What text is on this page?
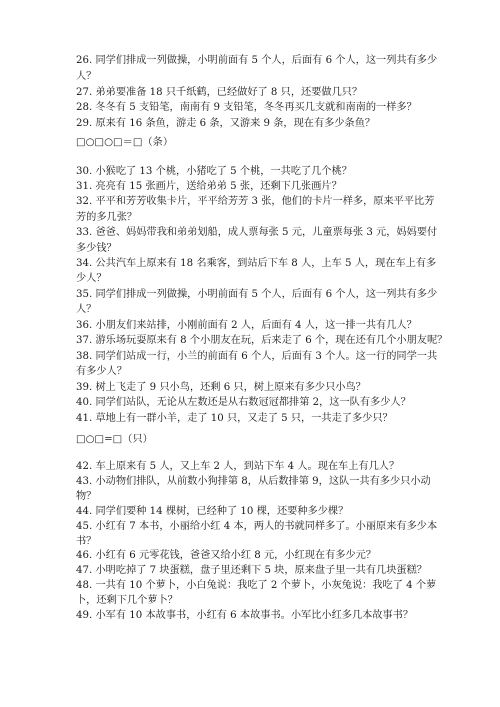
26. 同学们排成一列做操，小明前面有 5 个人，后面有 6 个人，这一列共有多少
人？
27. 弟弟要准备 18 只千纸鹤，已经做好了 8 只，还要做几只？
28. 冬冬有 5 支铅笔，南南有 9 支铅笔，冬冬再买几支就和南南的一样多？
29. 原来有 16 条鱼，游走 6 条，又游来 9 条，现在有多少条鱼？
□○□○□＝□（条）
30. 小猴吃了 13 个桃，小猪吃了 5 个桃，一共吃了几个桃？
31. 亮亮有 15 张画片，送给弟弟 5 张，还剩下几张画片？
32. 平平和芳芳收集卡片，平平给芳芳 3 张，他们的卡片一样多，原来平平比芳
芳的多几张？
33. 爸爸、妈妈带我和弟弟划船，成人票每张 5 元，儿童票每张 3 元，妈妈要付
多少钱？
34. 公共汽车上原来有 18 名乘客，到站后下车 8 人，上车 5 人，现在车上有多
少人？
35. 同学们排成一列做操，小明前面有 5 个人，后面有 6 个人，这一列共有多少
人？
36. 小朋友们来站排，小刚前面有 2 人，后面有 4 人，这一排一共有几人？
37. 游乐场玩耍原来有 8 个小朋友在玩，后来走了 6 个，现在还有几个小朋友呢？
38. 同学们站成一行，小兰的前面有 6 个人，后面有 3 个人。这一行的同学一共
有多少人？
39. 树上飞走了 9 只小鸟，还剩 6 只，树上原来有多少只小鸟？
40. 同学们站队，无论从左数还是从右数冠冠都排第 2，这一队有多少人？
41. 草地上有一群小羊，走了 10 只，又走了 5 只，一共走了多少只？
□○□=□（只）
42. 车上原来有 5 人，又上车 2 人，到站下车 4 人。现在车上有几人？
43. 小动物们排队，从前数小狗排第 8，从后数排第 9，这队一共有多少只小动
物？
44. 同学们要种 14 棵树，已经种了 10 棵，还要种多少棵？
45. 小红有 7 本书，小丽给小红 4 本，两人的书就同样多了。小丽原来有多少本
书？
46. 小红有 6 元零花钱，爸爸又给小红 8 元，小红现在有多少元？
47. 小明吃掉了 7 块蛋糕，盘子里还剩下 5 块，原来盘子里一共有几块蛋糕？
48. 一共有 10 个萝卜，小白兔说：我吃了 2 个萝卜，小灰兔说：我吃了 4 个萝
卜，还剩下几个萝卜？
49. 小军有 10 本故事书，小红有 6 本故事书。小军比小红多几本故事书？
